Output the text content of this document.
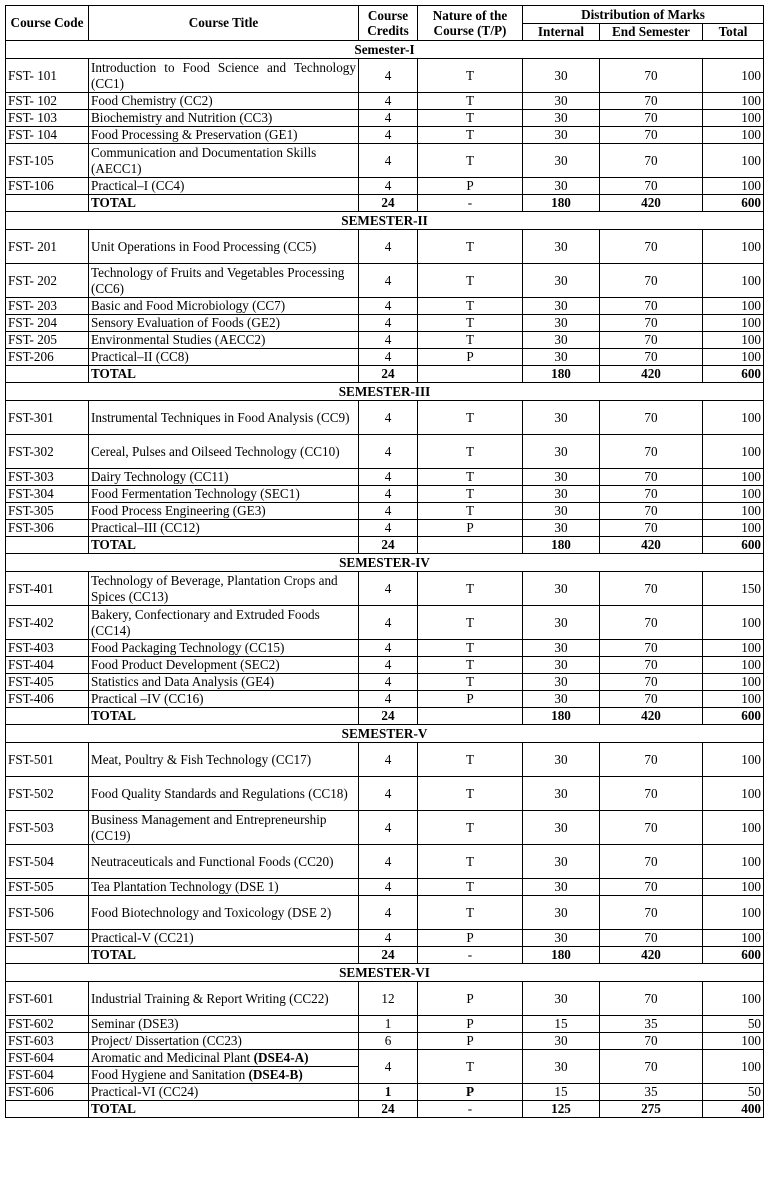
Course Code	Course Title	Course Credits	Nature of the Course (T/P)	Distribution of Marks		
				Internal	End Semester	Total
Semester-I						
FST- 101	Introduction to Food Science and Technology (CC1)	4	T	30	70	100
FST- 102	Food Chemistry (CC2)	4	T	30	70	100
FST- 103	Biochemistry and Nutrition (CC3)	4	T	30	70	100
FST- 104	Food Processing & Preservation (GE1)	4	T	30	70	100
FST-105	Communication and Documentation Skills (AECC1)	4	T	30	70	100
FST-106	Practical–I (CC4)	4	P	30	70	100
	TOTAL	24	-	180	420	600
SEMESTER-II						
FST- 201	Unit Operations in Food Processing (CC5)	4	T	30	70	100
FST- 202	Technology of Fruits and Vegetables Processing (CC6)	4	T	30	70	100
FST- 203	Basic and Food Microbiology (CC7)	4	T	30	70	100
FST- 204	Sensory Evaluation of Foods (GE2)	4	T	30	70	100
FST- 205	Environmental Studies (AECC2)	4	T	30	70	100
FST-206	Practical–II (CC8)	4	P	30	70	100
	TOTAL	24		180	420	600
SEMESTER-III						
FST-301	Instrumental Techniques in Food Analysis (CC9)	4	T	30	70	100
FST-302	Cereal, Pulses and Oilseed Technology (CC10)	4	T	30	70	100
FST-303	Dairy Technology (CC11)	4	T	30	70	100
FST-304	Food Fermentation Technology (SEC1)	4	T	30	70	100
FST-305	Food Process Engineering (GE3)	4	T	30	70	100
FST-306	Practical–III (CC12)	4	P	30	70	100
	TOTAL	24		180	420	600
SEMESTER-IV						
FST-401	Technology of Beverage, Plantation Crops and Spices (CC13)	4	T	30	70	150
FST-402	Bakery, Confectionary and Extruded Foods (CC14)	4	T	30	70	100
FST-403	Food Packaging Technology (CC15)	4	T	30	70	100
FST-404	Food Product Development (SEC2)	4	T	30	70	100
FST-405	Statistics and Data Analysis (GE4)	4	T	30	70	100
FST-406	Practical –IV (CC16)	4	P	30	70	100
	TOTAL	24		180	420	600
SEMESTER-V						
FST-501	Meat, Poultry & Fish Technology (CC17)	4	T	30	70	100
FST-502	Food Quality Standards and Regulations (CC18)	4	T	30	70	100
FST-503	Business Management and Entrepreneurship (CC19)	4	T	30	70	100
FST-504	Neutraceuticals and Functional Foods (CC20)	4	T	30	70	100
FST-505	Tea Plantation Technology (DSE 1)	4	T	30	70	100
FST-506	Food Biotechnology and Toxicology (DSE 2)	4	T	30	70	100
FST-507	Practical-V (CC21)	4	P	30	70	100
	TOTAL	24	-	180	420	600
SEMESTER-VI						
FST-601	Industrial Training & Report Writing (CC22)	12	P	30	70	100
FST-602	Seminar (DSE3)	1	P	15	35	50
FST-603	Project/ Dissertation (CC23)	6	P	30	70	100
FST-604	Aromatic and Medicinal Plant (DSE4-A)	4	T	30	70	100
FST-604	Food Hygiene and Sanitation (DSE4-B)					
FST-606	Practical-VI (CC24)	1	P	15	35	50
	TOTAL	24	-	125	275	400
